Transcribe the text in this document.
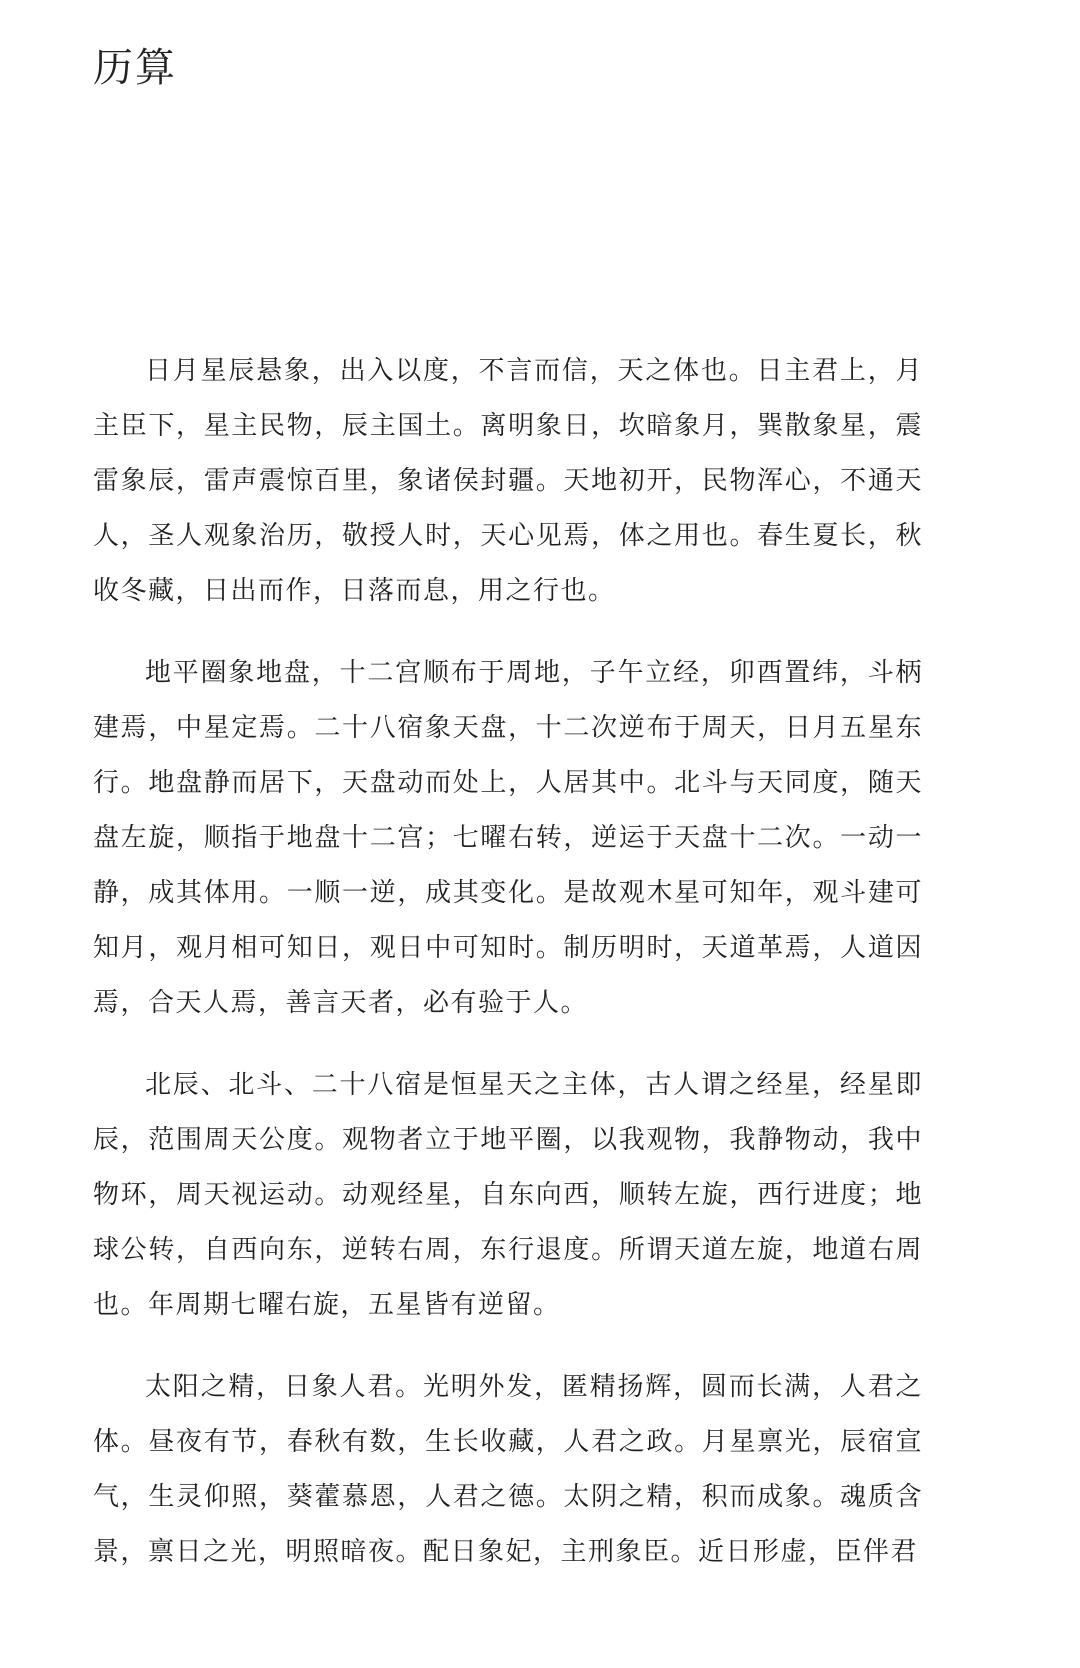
历算

日月星辰悬象，出入以度，不言而信，天之体也。日主君上，月主臣下，星主民物，辰主国土。离明象日，坎暗象月，巽散象星，震雷象辰，雷声震惊百里，象诸侯封疆。天地初开，民物浑心，不通天人，圣人观象治历，敬授人时，天心见焉，体之用也。春生夏长，秋收冬藏，日出而作，日落而息，用之行也。

地平圈象地盘，十二宫顺布于周地，子午立经，卯酉置纬，斗柄建焉，中星定焉。二十八宿象天盘，十二次逆布于周天，日月五星东行。地盘静而居下，天盘动而处上，人居其中。北斗与天同度，随天盘左旋，顺指于地盘十二宫；七曜右转，逆运于天盘十二次。一动一静，成其体用。一顺一逆，成其变化。是故观木星可知年，观斗建可知月，观月相可知日，观日中可知时。制历明时，天道革焉，人道因焉，合天人焉，善言天者，必有验于人。

北辰、北斗、二十八宿是恒星天之主体，古人谓之经星，经星即辰，范围周天公度。观物者立于地平圈，以我观物，我静物动，我中物环，周天视运动。动观经星，自东向西，顺转左旋，西行进度；地球公转，自西向东，逆转右周，东行退度。所谓天道左旋，地道右周也。年周期七曜右旋，五星皆有逆留。

太阳之精，日象人君。光明外发，匿精扬辉，圆而长满，人君之体。昼夜有节，春秋有数，生长收藏，人君之政。月星禀光，辰宿宣气，生灵仰照，葵藿慕恩，人君之德。太阴之精，积而成象。魂质含景，禀日之光，明照暗夜。配日象妃，主刑象臣。近日形虚，臣伴君
